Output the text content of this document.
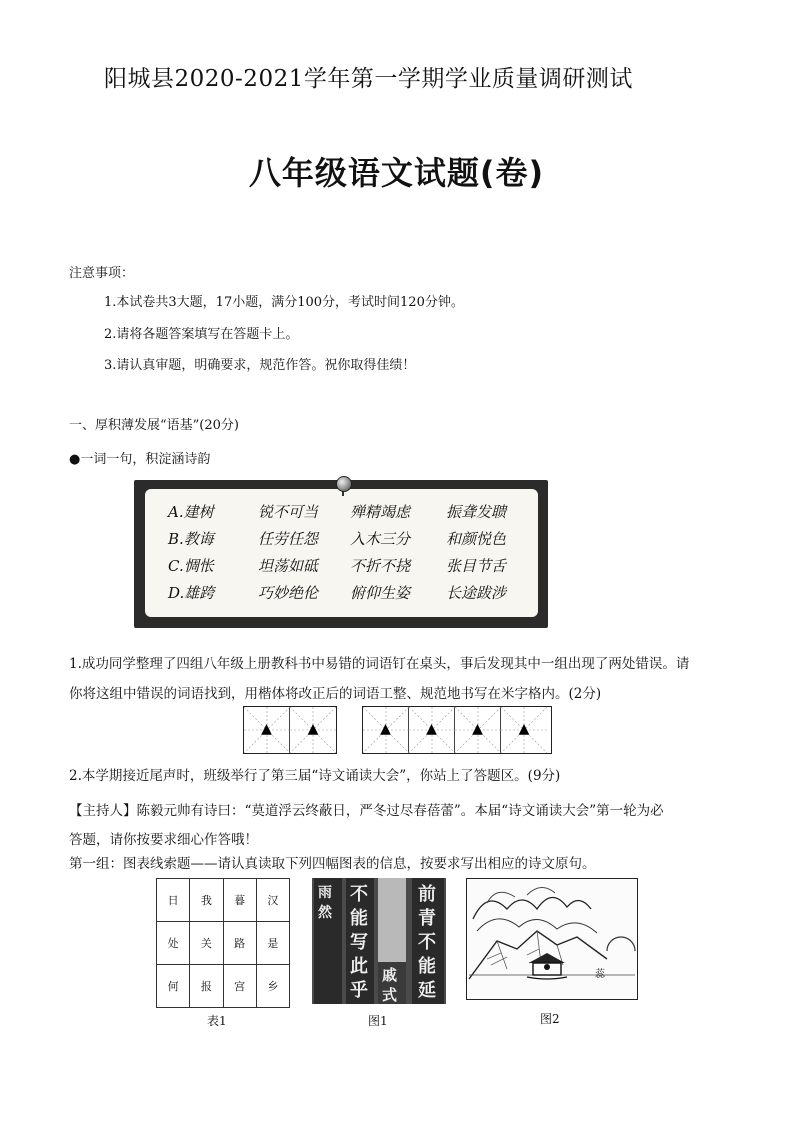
阳城县2020-2021学年第一学期学业质量调研测试
八年级语文试题(卷)
注意事项：
1.本试卷共3大题，17小题，满分100分，考试时间120分钟。
2.请将各题答案填写在答题卡上。
3.请认真审题，明确要求，规范作答。祝你取得佳绩！
一、厚积薄发展“语基”(20分)
●一词一句，积淀涵诗韵
A.建树	锐不可当	殚精竭虑	振聋发聩
B.教诲	任劳任怨	入木三分	和颜悦色
C.惆怅	坦荡如砥	不折不挠	张目节舌
D.雄跨	巧妙绝伦	俯仰生姿	长途跋涉
1.成功同学整理了四组八年级上册教科书中易错的词语钉在桌头，事后发现其中一组出现了两处错误。请
你将这组中错误的词语找到，用楷体将改正后的词语工整、规范地书写在米字格内。(2分)
▲	▲	▲	▲	▲	▲
2.本学期接近尾声时，班级举行了第三届“诗文诵读大会”，你站上了答题区。(9分)
【主持人】陈毅元帅有诗曰：“莫道浮云终蔽日，严冬过尽春蓓蕾”。本届“诗文诵读大会”第一轮为必
答题，请你按要求细心作答哦！
第一组：图表线索题——请认真读取下列四幅图表的信息，按要求写出相应的诗文原句。
日	我	暮	汉
处	关	路	是
何	报	宫	乡
表1
雨
然
不
能
写
此
乎
前
青
不
能
延
戚
式
图1
蕊
图2
